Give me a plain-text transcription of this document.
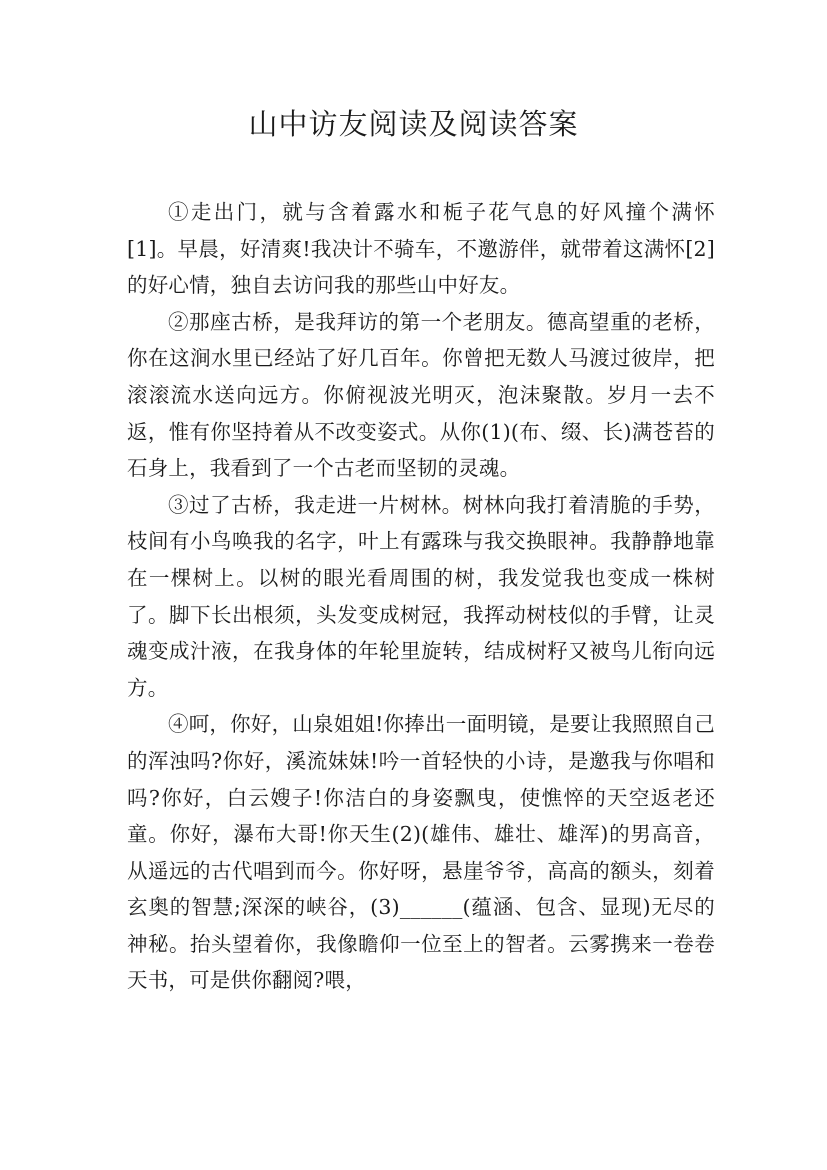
山中访友阅读及阅读答案

①走出门，就与含着露水和栀子花气息的好风撞个满怀[1]。早晨，好清爽!我决计不骑车，不邀游伴，就带着这满怀[2]的好心情，独自去访问我的那些山中好友。

②那座古桥，是我拜访的第一个老朋友。德高望重的老桥，你在这涧水里已经站了好几百年。你曾把无数人马渡过彼岸，把滚滚流水送向远方。你俯视波光明灭，泡沫聚散。岁月一去不返，惟有你坚持着从不改变姿式。从你(1)(布、缀、长)满苍苔的石身上，我看到了一个古老而坚韧的灵魂。

③过了古桥，我走进一片树林。树林向我打着清脆的手势，枝间有小鸟唤我的名字，叶上有露珠与我交换眼神。我静静地靠在一棵树上。以树的眼光看周围的树，我发觉我也变成一株树了。脚下长出根须，头发变成树冠，我挥动树枝似的手臂，让灵魂变成汁液，在我身体的年轮里旋转，结成树籽又被鸟儿衔向远方。

④呵，你好，山泉姐姐!你捧出一面明镜，是要让我照照自己的浑浊吗?你好，溪流妹妹!吟一首轻快的小诗，是邀我与你唱和吗?你好，白云嫂子!你洁白的身姿飘曳，使憔悴的天空返老还童。你好，瀑布大哥!你天生(2)(雄伟、雄壮、雄浑)的男高音，从遥远的古代唱到而今。你好呀，悬崖爷爷，高高的额头，刻着玄奥的智慧;深深的峡谷，(3)______(蕴涵、包含、显现)无尽的神秘。抬头望着你，我像瞻仰一位至上的智者。云雾携来一卷卷天书，可是供你翻阅?喂，
